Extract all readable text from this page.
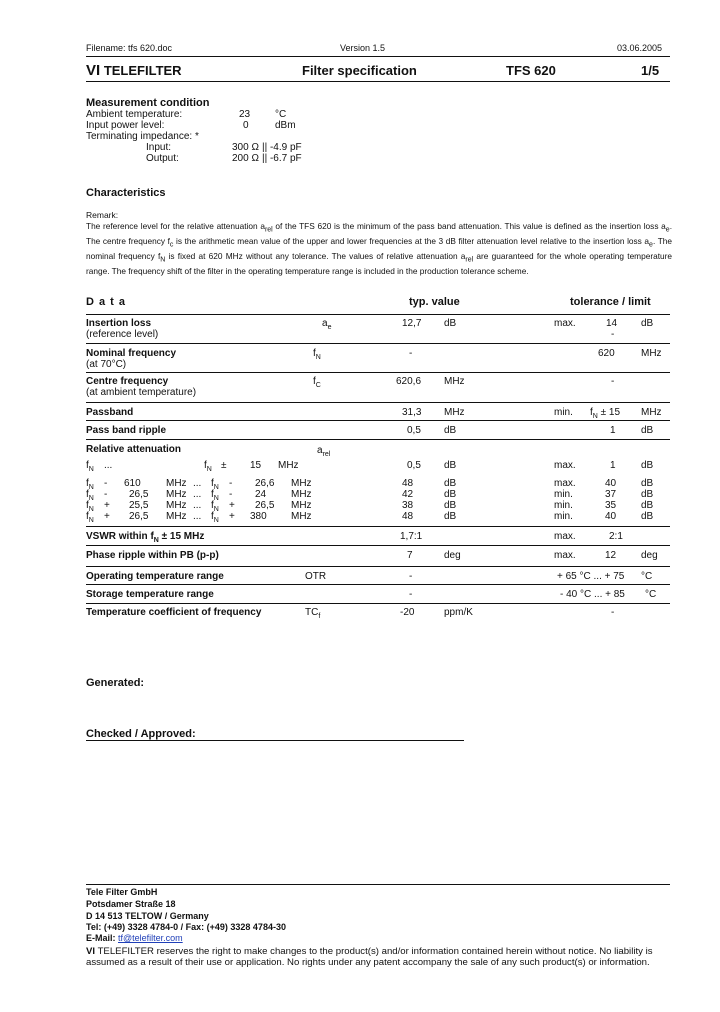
Filename: tfs 620.doc	Version 1.5	03.06.2005
VI TELEFILTER	Filter specification	TFS 620	1/5
Measurement condition
Ambient temperature:	23 °C
Input power level:	0	dBm
Terminating impedance: *
Input:	300 Ω || -4.9 pF
Output:	200 Ω || -6.7 pF
Characteristics
Remark:
The reference level for the relative attenuation $a_{rel}$ of the TFS 620 is the minimum of the pass band attenuation. This value is defined as the insertion loss $a_e$. The centre frequency $f_c$ is the arithmetic mean value of the upper and lower frequencies at the 3 dB filter attenuation level relative to the insertion loss $a_e$. The nominal frequency $f_N$ is fixed at 620 MHz without any tolerance. The values of relative attenuation $a_{rel}$ are guaranteed for the whole operating temperature range. The frequency shift of the filter in the operating temperature range is included in the production tolerance scheme.
D a t a	typ. value	tolerance / limit
Insertion loss
(reference level)
$a_e$	12,7 dB	max.	14 dB
-
Nominal frequency
(at 70°C)
$f_N$	-	620	MHz
Centre frequency
(at ambient temperature)
$f_C$	620,6 MHz	-
Passband	31,3 MHz	min. $f_N \pm 15$ MHz
Pass band ripple	0,5 dB	1	dB
Relative attenuation	$a_{rel}$
$f_N$ ...	$f_N \pm 15$ MHz	0,5 dB	max.	1	dB
$f_N - 610$	MHz ... $f_N - 26,6$ MHz	48	dB	max.	40 dB
$f_N - 26,5$ MHz ... $f_N - 24$ MHz	42	dB	min.	37 dB
$f_N + 25,5$ MHz ... $f_N + 26,5$ MHz	38	dB	min.	35 dB
$f_N + 26,5$ MHz ... $f_N + 380$ MHz	48	dB	min.	40 dB
VSWR within $f_N \pm 15$ MHz	1,7:1	max.	2:1
Phase ripple within PB (p-p)	7	deg	max.	12 deg
Operating temperature range	OTR	-	+ 65 °C ... + 75 °C
Storage temperature range	-	- 40 °C ... + 85 °C
Temperature coefficient of frequency	$TC_f$	-20	ppm/K	-
Generated:
Checked / Approved:
Tele Filter GmbH
Potsdamer Straße 18
D 14 513 TELTOW / Germany
Tel: (+49) 3328 4784-0 / Fax: (+49) 3328 4784-30
E-Mail: tf@telefilter.com
VI TELEFILTER reserves the right to make changes to the product(s) and/or information contained herein without notice. No liability is assumed as a result of their use or application. No rights under any patent accompany the sale of any such product(s) or information.
